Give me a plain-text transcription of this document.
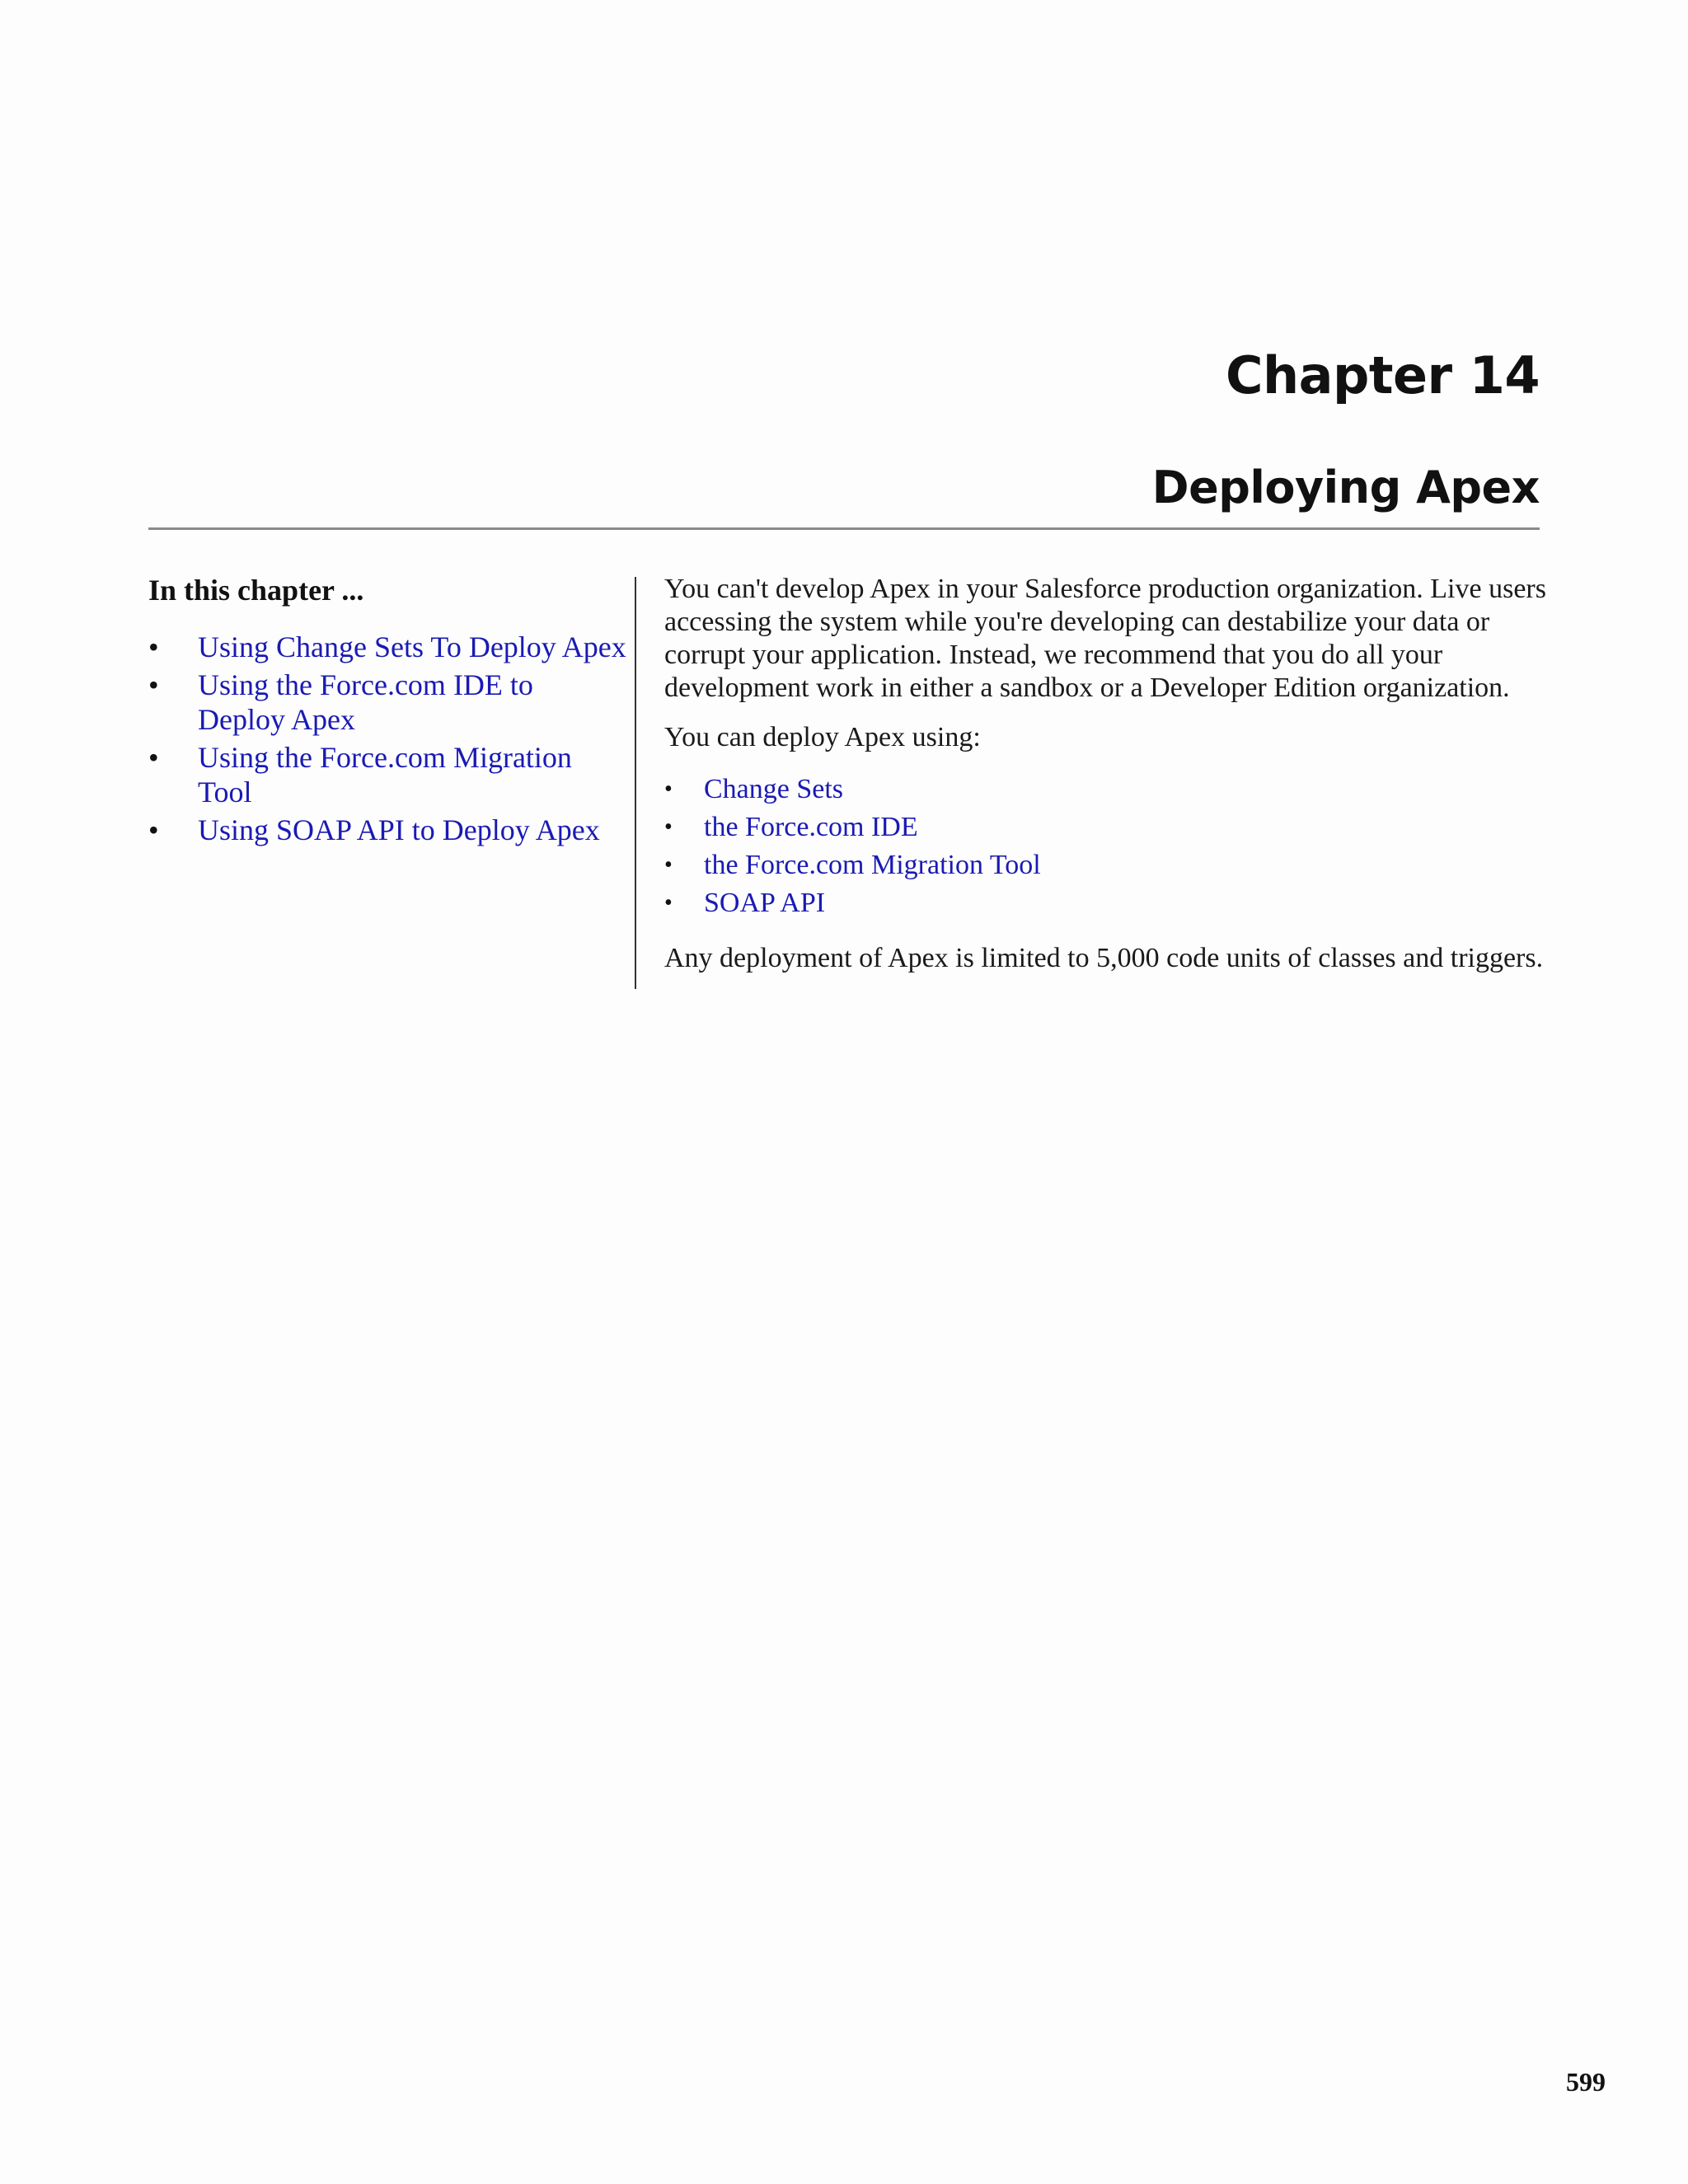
Chapter 14
Deploying Apex
In this chapter ...
• Using Change Sets To Deploy Apex
• Using the Force.com IDE to Deploy Apex
• Using the Force.com Migration Tool
• Using SOAP API to Deploy Apex

You can't develop Apex in your Salesforce production organization. Live users accessing the system while you're developing can destabilize your data or corrupt your application. Instead, we recommend that you do all your development work in either a sandbox or a Developer Edition organization.

You can deploy Apex using:

• Change Sets
• the Force.com IDE
• the Force.com Migration Tool
• SOAP API

Any deployment of Apex is limited to 5,000 code units of classes and triggers.

599
